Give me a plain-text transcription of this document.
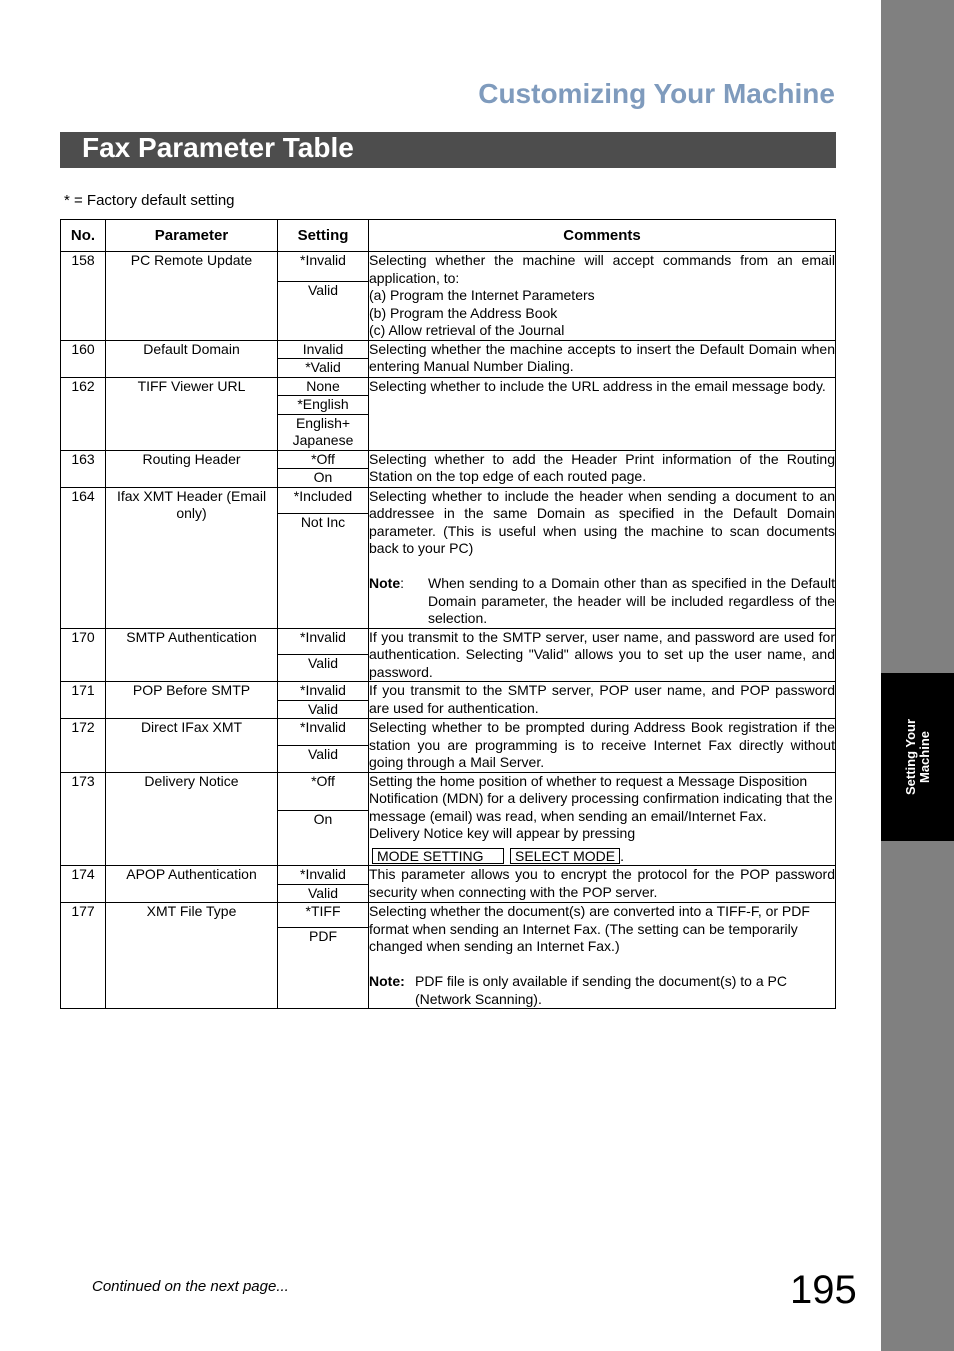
Setting Your Machine
Customizing Your Machine
Fax Parameter Table
* = Factory default setting
No.	Parameter	Setting	Comments
158	PC Remote Update	*Invalid	Selecting whether the machine will accept commands from an email application, to:
(a) Program the Internet Parameters
(b) Program the Address Book
(c) Allow retrieval of the Journal

		Valid	
160	Default Domain	Invalid	Selecting whether the machine accepts to insert the Default Domain when entering Manual Number Dialing.

		*Valid	
162	TIFF Viewer URL	None	Selecting whether to include the URL address in the email message body.

		*English	
		English+ Japanese	
163	Routing Header	*Off	Selecting whether to add the Header Print information of the Routing Station on the top edge of each routed page.

		On	
164	Ifax XMT Header (Email only)	*Included	Selecting whether to include the header when sending a document to an addressee in the same Domain as specified in the Default Domain parameter. (This is useful when using the machine to scan documents back to your PC)
Note: When sending to a Domain other than as specified in the Default Domain parameter, the header will be included regardless of the selection.

		Not Inc	
170	SMTP Authentication	*Invalid	If you transmit to the SMTP server, user name, and password are used for authentication. Selecting "Valid" allows you to set up the user name, and password.

		Valid	
171	POP Before SMTP	*Invalid	If you transmit to the SMTP server, POP user name, and POP password are used for authentication.

		Valid	
172	Direct IFax XMT	*Invalid	Selecting whether to be prompted during Address Book registration if the station you are programming is to receive Internet Fax directly without going through a Mail Server.

		Valid	
173	Delivery Notice	*Off	Setting the home position of whether to request a Message Disposition Notification (MDN) for a delivery processing confirmation indicating that the message (email) was read, when sending an email/Internet Fax.
Delivery Notice key will appear by pressing
MODE SETTING SELECT MODE .

		On	
174	APOP Authentication	*Invalid	This parameter allows you to encrypt the protocol for the POP password security when connecting with the POP server.

		Valid	
177	XMT File Type	*TIFF	Selecting whether the document(s) are converted into a TIFF-F, or PDF format when sending an Internet Fax. (The setting can be temporarily changed when sending an Internet Fax.)
Note: PDF file is only available if sending the document(s) to a PC (Network Scanning).

		PDF	
Continued on the next page...	195
